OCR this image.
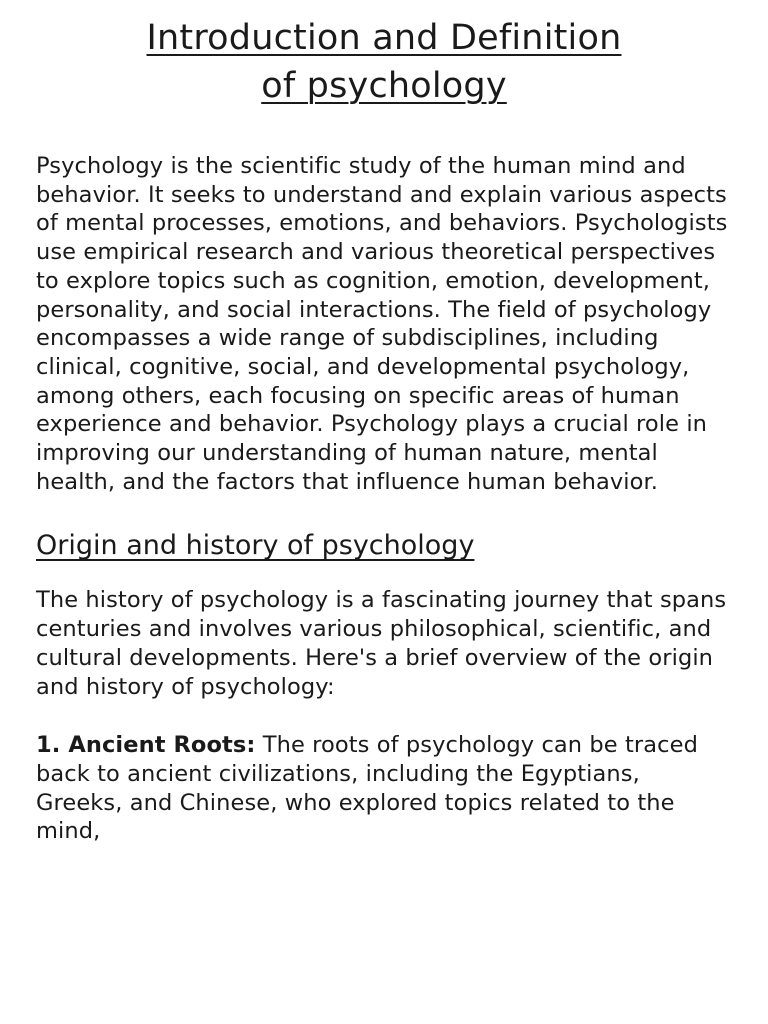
Introduction and Definition
of psychology

Psychology is the scientific study of the human mind and behavior. It seeks to understand and explain various aspects of mental processes, emotions, and behaviors. Psychologists use empirical research and various theoretical perspectives to explore topics such as cognition, emotion, development, personality, and social interactions. The field of psychology encompasses a wide range of subdisciplines, including clinical, cognitive, social, and developmental psychology, among others, each focusing on specific areas of human experience and behavior. Psychology plays a crucial role in improving our understanding of human nature, mental health, and the factors that influence human behavior.

Origin and history of psychology

The history of psychology is a fascinating journey that spans centuries and involves various philosophical, scientific, and cultural developments. Here's a brief overview of the origin and history of psychology:

1. Ancient Roots: The roots of psychology can be traced back to ancient civilizations, including the Egyptians, Greeks, and Chinese, who explored topics related to the mind,
